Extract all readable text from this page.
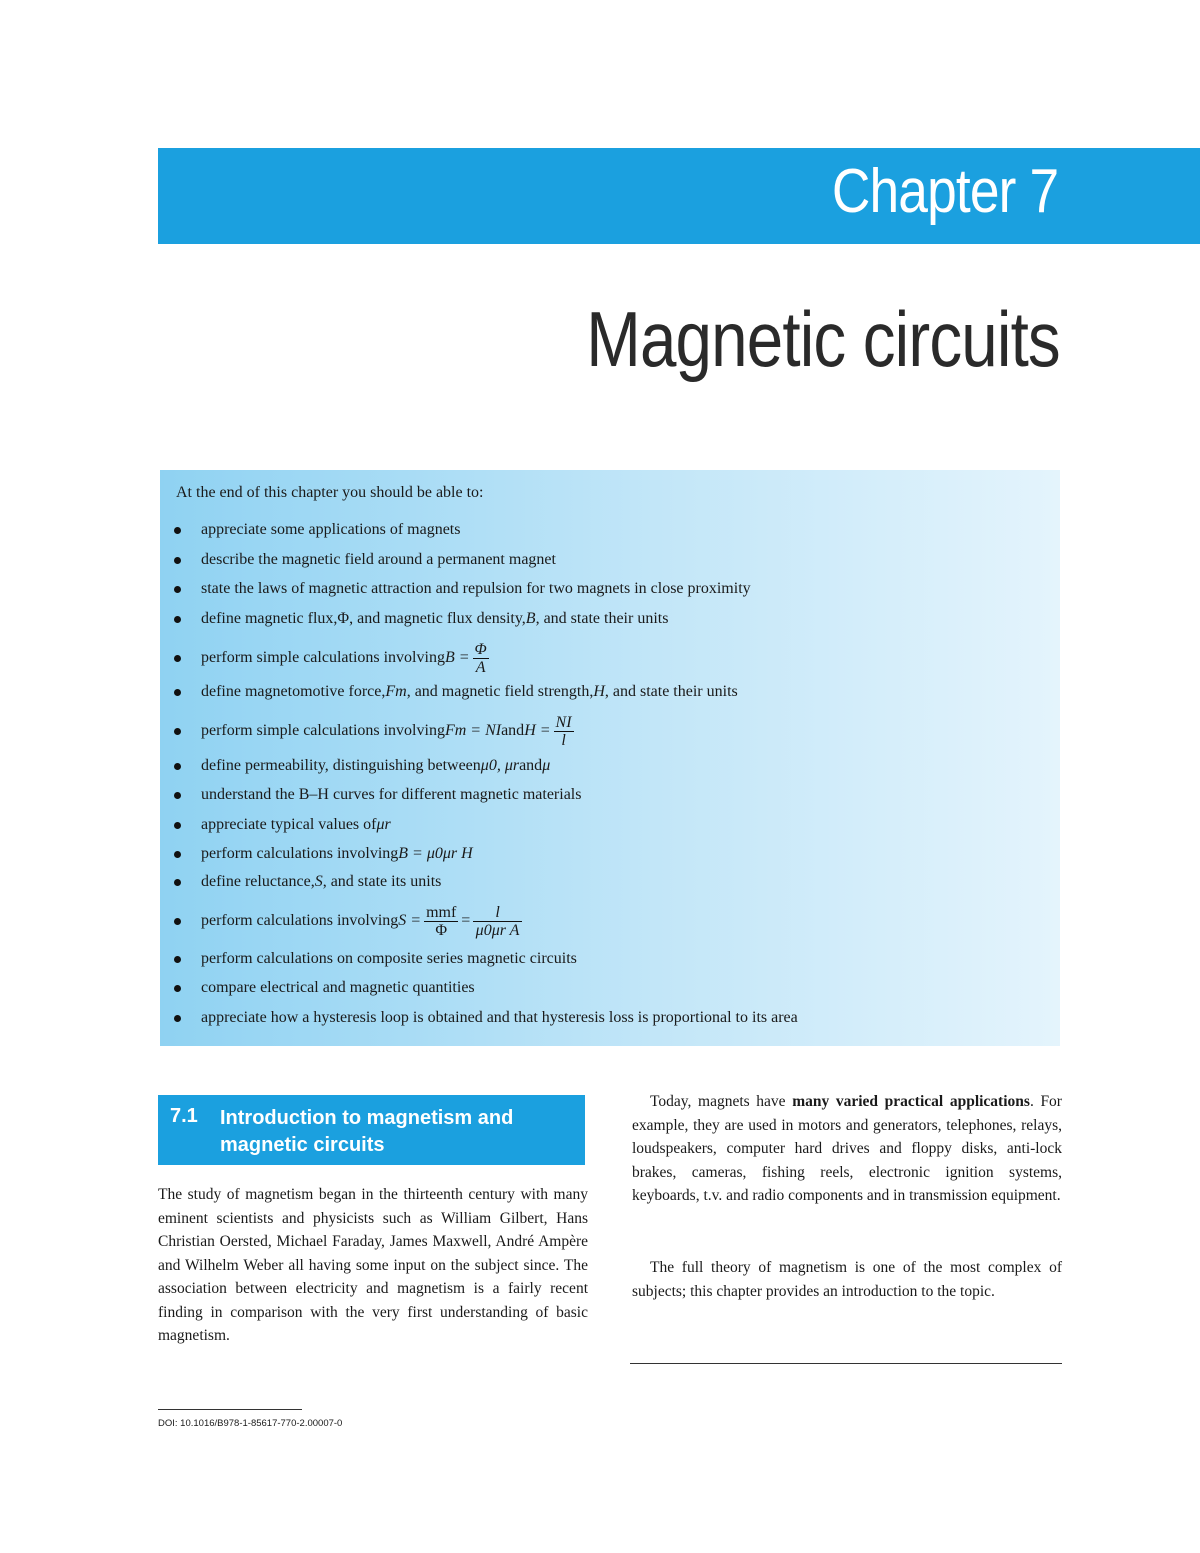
Chapter 7
Magnetic circuits
At the end of this chapter you should be able to:
appreciate some applications of magnets
describe the magnetic field around a permanent magnet
state the laws of magnetic attraction and repulsion for two magnets in close proximity
define magnetic flux, Φ , and magnetic flux density, B , and state their units
perform simple calculations involving $B = \frac{\Phi}{A}$
define magnetomotive force, Fm , and magnetic field strength, H , and state their units
perform simple calculations involving Fm = NI and $H = \frac{NI}{l}$
define permeability, distinguishing between μ0, μr and μ
understand the B–H curves for different magnetic materials
appreciate typical values of μr
perform calculations involving B = μ0μr H
define reluctance, S , and state its units
perform calculations involving $S = \frac{\text{mmf}}{\Phi} = \frac{l}{\text{μ0μr A}}$
perform calculations on composite series magnetic circuits
compare electrical and magnetic quantities
appreciate how a hysteresis loop is obtained and that hysteresis loss is proportional to its area
7.1 Introduction to magnetism and magnetic circuits
The study of magnetism began in the thirteenth century with many eminent scientists and physicists such as William Gilbert, Hans Christian Oersted, Michael Faraday, James Maxwell, André Ampère and Wilhelm Weber all having some input on the subject since. The association between electricity and magnetism is a fairly recent finding in comparison with the very first understanding of basic magnetism.
Today, magnets have many varied practical applications. For example, they are used in motors and generators, telephones, relays, loudspeakers, computer hard drives and floppy disks, anti-lock brakes, cameras, fishing reels, electronic ignition systems, keyboards, t.v. and radio components and in transmission equipment.
The full theory of magnetism is one of the most complex of subjects; this chapter provides an introduction to the topic.
DOI: 10.1016/B978-1-85617-770-2.00007-0
